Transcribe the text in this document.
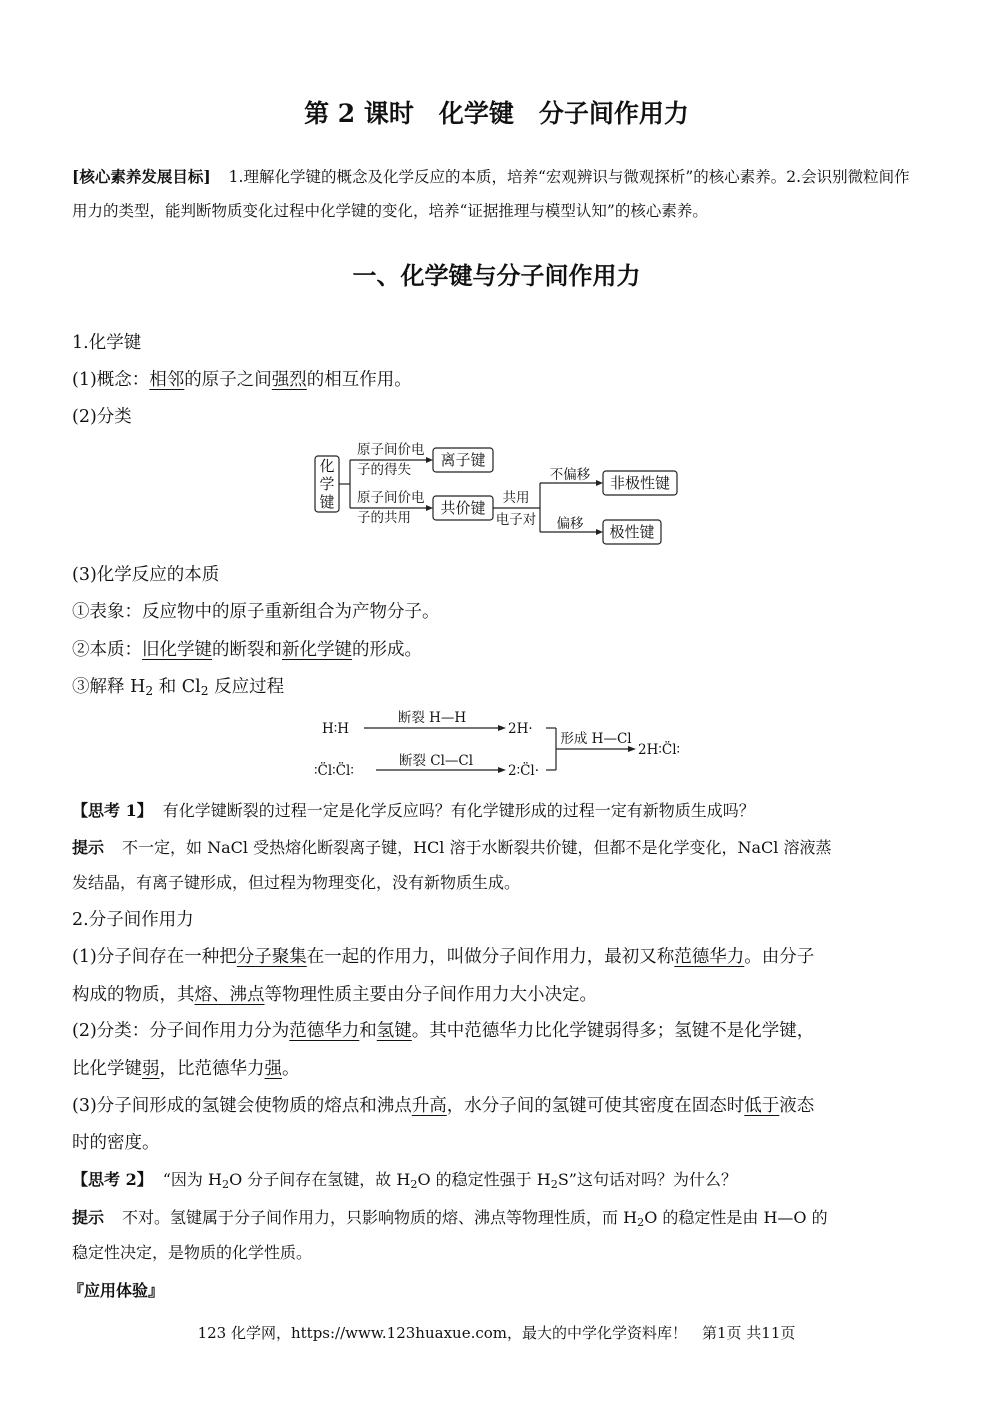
第 2 课时　化学键　分子间作用力
[核心素养发展目标] 1.理解化学键的概念及化学反应的本质，培养“宏观辨识与微观探析”的核心素养。2.会识别微粒间作用力的类型，能判断物质变化过程中化学键的变化，培养“证据推理与模型认知”的核心素养。
一、化学键与分子间作用力
1.化学键
(1)概念：相邻的原子之间强烈的相互作用。
(2)分类
化
学
键
原子间价电
子的得失
原子间价电
子的共用
共用
电子对
不偏移
偏移
离子键
共价键
非极性键
极性键
(3)化学反应的本质
①表象：反应物中的原子重新组合为产物分子。
②本质：旧化学键的断裂和新化学键的形成。
③解释 $H_2$ 和 $Cl_2$ 反应过程
H∶H
断裂 H—H
2H·
∶C̈l∶C̈l∶
断裂 Cl—Cl
2∶C̈l·
形成 H—Cl
2H∶C̈l∶
【思考 1】 有化学键断裂的过程一定是化学反应吗？有化学键形成的过程一定有新物质生成吗？
提示 不一定，如 NaCl 受热熔化断裂离子键，HCl 溶于水断裂共价键，但都不是化学变化，NaCl 溶液蒸
发结晶，有离子键形成，但过程为物理变化，没有新物质生成。
2.分子间作用力
(1)分子间存在一种把分子聚集在一起的作用力，叫做分子间作用力，最初又称范德华力。由分子
构成的物质，其熔、沸点等物理性质主要由分子间作用力大小决定。
(2)分类：分子间作用力分为范德华力和氢键。其中范德华力比化学键弱得多；氢键不是化学键，
比化学键弱，比范德华力强。
(3)分子间形成的氢键会使物质的熔点和沸点升高，水分子间的氢键可使其密度在固态时低于液态
时的密度。
【思考 2】 “因为 $H_2O$ 分子间存在氢键，故 $H_2O$ 的稳定性强于 $H_2S$”这句话对吗？为什么？
提示 不对。氢键属于分子间作用力，只影响物质的熔、沸点等物理性质，而 $H_2O$ 的稳定性是由 H—O 的
稳定性决定，是物质的化学性质。
『应用体验』
123 化学网，https://www.123huaxue.com，最大的中学化学资料库！　第1页 共11页
